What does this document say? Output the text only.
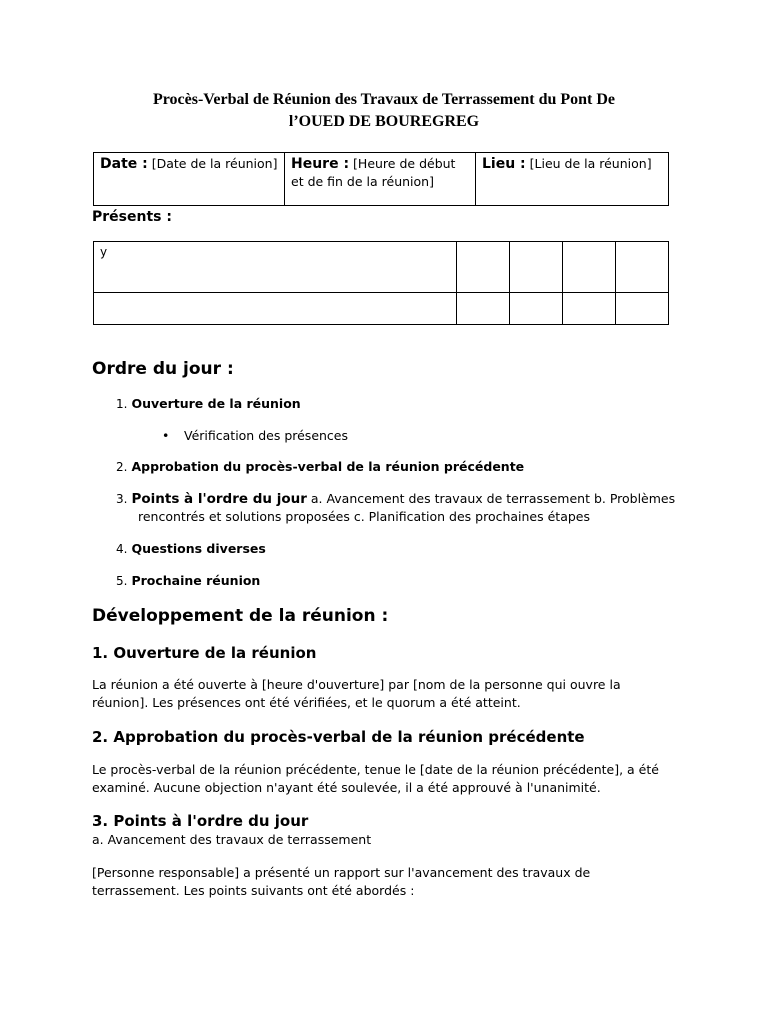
Procès-Verbal de Réunion des Travaux de Terrassement du Pont De
l’OUED DE BOUREGREG
Date : [Date de la réunion]	Heure : [Heure de début et de fin de la réunion]	Lieu : [Lieu de la réunion]
Présents :
y				

Ordre du jour :
1. Ouverture de la réunion
• Vérification des présences
2. Approbation du procès-verbal de la réunion précédente
3. Points à l'ordre du jour a. Avancement des travaux de terrassement b. Problèmes
rencontrés et solutions proposées c. Planification des prochaines étapes
4. Questions diverses
5. Prochaine réunion
Développement de la réunion :
1. Ouverture de la réunion
La réunion a été ouverte à [heure d'ouverture] par [nom de la personne qui ouvre la
réunion]. Les présences ont été vérifiées, et le quorum a été atteint.
2. Approbation du procès-verbal de la réunion précédente
Le procès-verbal de la réunion précédente, tenue le [date de la réunion précédente], a été
examiné. Aucune objection n'ayant été soulevée, il a été approuvé à l'unanimité.
3. Points à l'ordre du jour
a. Avancement des travaux de terrassement
[Personne responsable] a présenté un rapport sur l'avancement des travaux de
terrassement. Les points suivants ont été abordés :
